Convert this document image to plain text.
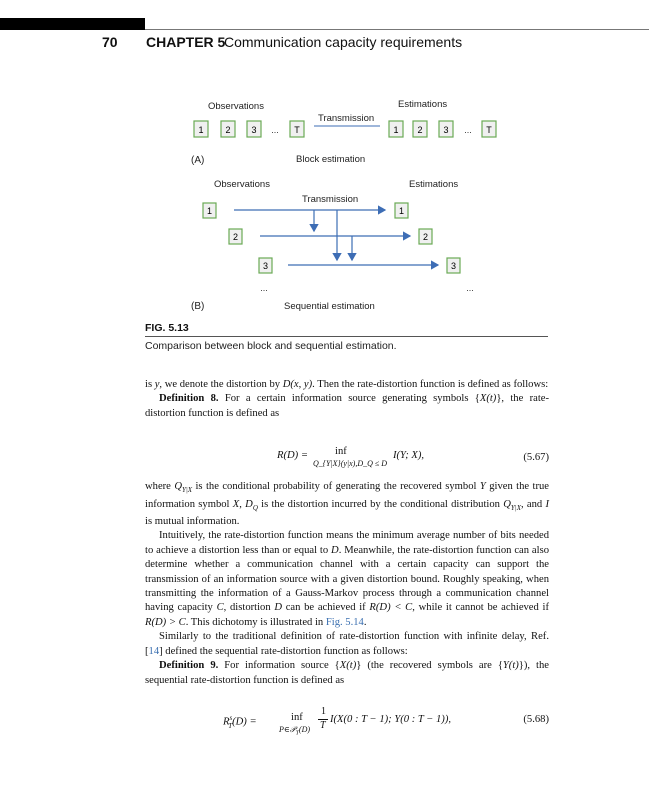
70 CHAPTER 5
Communication capacity requirements
Observations	Estimations
Transmission
1 2 3 ... T	1 2 3 ... T
(A)	Block estimation
Observations	Estimations
Transmission
1
2
3
1
2
3
...	...
(B)	Sequential estimation
FIG. 5.13
Comparison between block and sequential estimation.

is y, we denote the distortion by D(x, y). Then the rate-distortion function is defined as follows:

Definition 8. For a certain information source generating symbols {X(t)}, the rate-distortion function is defined as

R(D) =	inf
Q_{Y|X}(y|x),D_Q ≤ D
I(Y; X),	(5.67)

where $Q_{Y|X}$ is the conditional probability of generating the recovered symbol Y given the true information symbol X, $D_Q$ is the distortion incurred by the conditional distribution $Q_{Y|X}$, and I is mutual information.

Intuitively, the rate-distortion function means the minimum average number of bits needed to achieve a distortion less than or equal to D. Meanwhile, the rate-distortion function can also determine whether a communication channel with a certain capacity can support the transmission of an information source with a given distortion bound. Roughly speaking, when transmitting the information of a Gauss-Markov process through a communication channel having capacity C, distortion D can be achieved if R(D) < C, while it cannot be achieved if R(D) > C. This dichotomy is illustrated in Fig. 5.14.

Similarly to the traditional definition of rate-distortion function with infinite delay, Ref. [14] defined the sequential rate-distortion function as follows:

Definition 9. For information source {X(t)} (the recovered symbols are {Y(t)}), the sequential rate-distortion function is defined as

$R^s_T(D)$ =	inf
P∈𝒫$_T$(D)
1
T
I(X(0 : T − 1); Y(0 : T − 1)),	(5.68)
